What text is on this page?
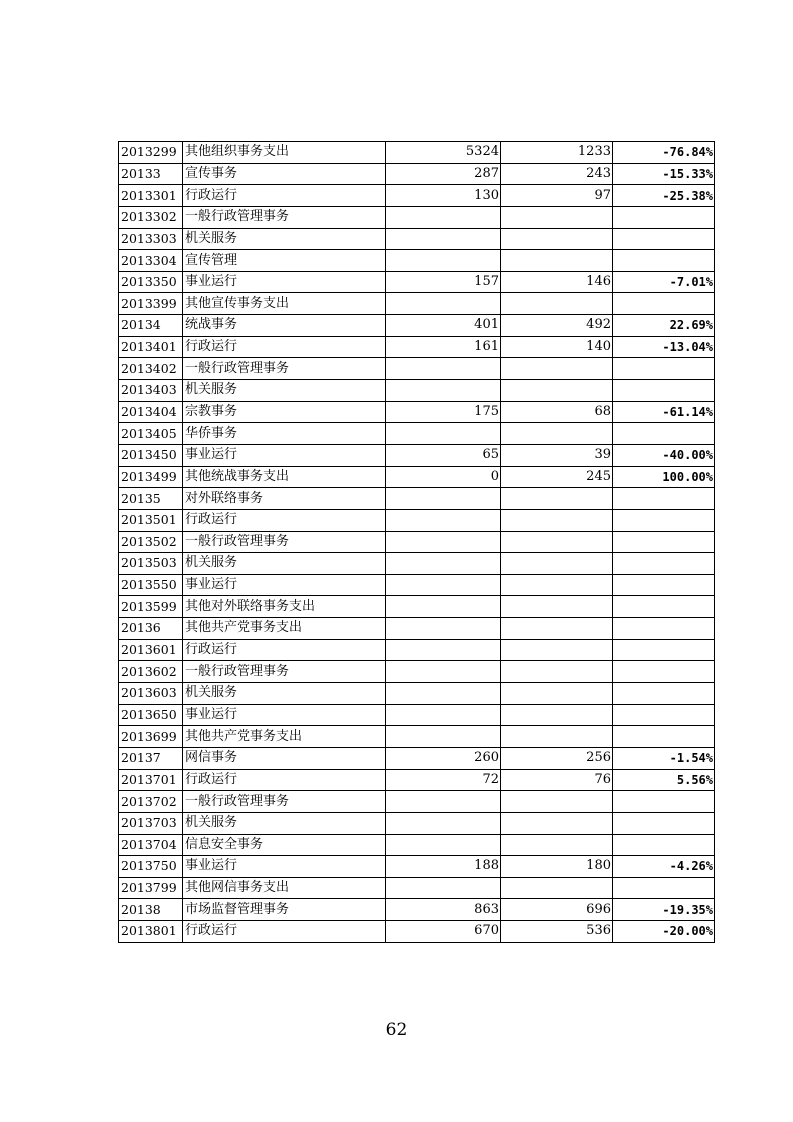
2013299	其他组织事务支出	5324	1233	-76.84%
20133	宣传事务	287	243	-15.33%
2013301	行政运行	130	97	-25.38%
2013302	一般行政管理事务			
2013303	机关服务			
2013304	宣传管理			
2013350	事业运行	157	146	-7.01%
2013399	其他宣传事务支出			
20134	统战事务	401	492	22.69%
2013401	行政运行	161	140	-13.04%
2013402	一般行政管理事务			
2013403	机关服务			
2013404	宗教事务	175	68	-61.14%
2013405	华侨事务			
2013450	事业运行	65	39	-40.00%
2013499	其他统战事务支出	0	245	100.00%
20135	对外联络事务			
2013501	行政运行			
2013502	一般行政管理事务			
2013503	机关服务			
2013550	事业运行			
2013599	其他对外联络事务支出			
20136	其他共产党事务支出			
2013601	行政运行			
2013602	一般行政管理事务			
2013603	机关服务			
2013650	事业运行			
2013699	其他共产党事务支出			
20137	网信事务	260	256	-1.54%
2013701	行政运行	72	76	5.56%
2013702	一般行政管理事务			
2013703	机关服务			
2013704	信息安全事务			
2013750	事业运行	188	180	-4.26%
2013799	其他网信事务支出			
20138	市场监督管理事务	863	696	-19.35%
2013801	行政运行	670	536	-20.00%
62
